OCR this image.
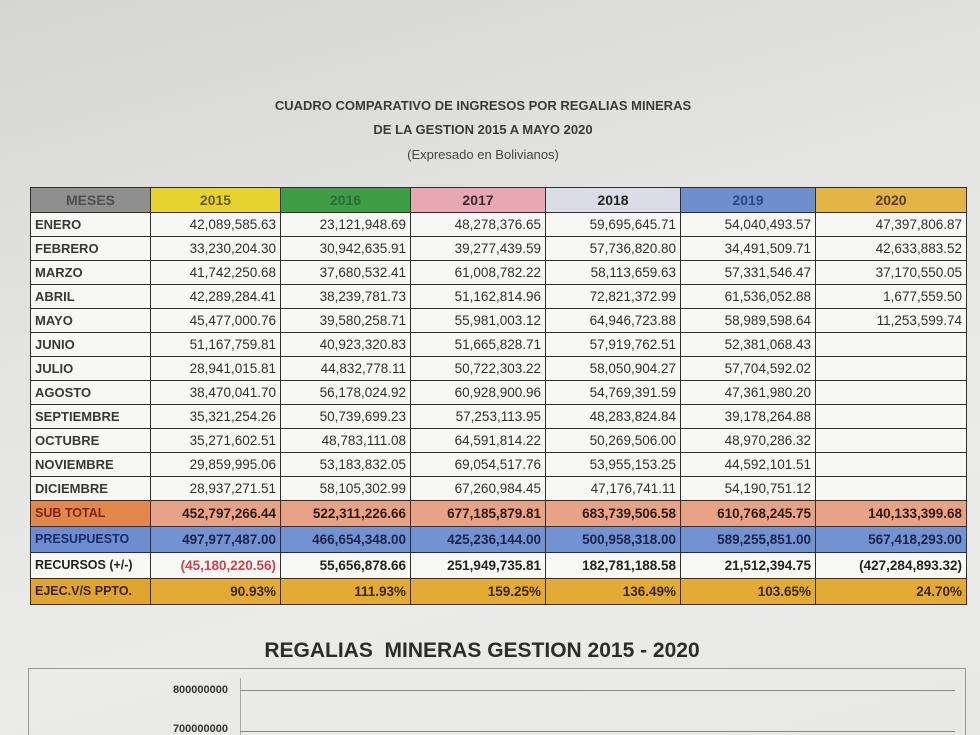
CUADRO COMPARATIVO DE INGRESOS POR REGALIAS MINERAS
DE LA GESTION 2015 A MAYO 2020
(Expresado en Bolivianos)
MESES	2015	2016	2017	2018	2019	2020
ENERO	42,089,585.63	23,121,948.69	48,278,376.65	59,695,645.71	54,040,493.57	47,397,806.87
FEBRERO	33,230,204.30	30,942,635.91	39,277,439.59	57,736,820.80	34,491,509.71	42,633,883.52
MARZO	41,742,250.68	37,680,532.41	61,008,782.22	58,113,659.63	57,331,546.47	37,170,550.05
ABRIL	42,289,284.41	38,239,781.73	51,162,814.96	72,821,372.99	61,536,052.88	1,677,559.50
MAYO	45,477,000.76	39,580,258.71	55,981,003.12	64,946,723.88	58,989,598.64	11,253,599.74
JUNIO	51,167,759.81	40,923,320.83	51,665,828.71	57,919,762.51	52,381,068.43	
JULIO	28,941,015.81	44,832,778.11	50,722,303.22	58,050,904.27	57,704,592.02	
AGOSTO	38,470,041.70	56,178,024.92	60,928,900.96	54,769,391.59	47,361,980.20	
SEPTIEMBRE	35,321,254.26	50,739,699.23	57,253,113.95	48,283,824.84	39,178,264.88	
OCTUBRE	35,271,602.51	48,783,111.08	64,591,814.22	50,269,506.00	48,970,286.32	
NOVIEMBRE	29,859,995.06	53,183,832.05	69,054,517.76	53,955,153.25	44,592,101.51	
DICIEMBRE	28,937,271.51	58,105,302.99	67,260,984.45	47,176,741.11	54,190,751.12	
SUB TOTAL	452,797,266.44	522,311,226.66	677,185,879.81	683,739,506.58	610,768,245.75	140,133,399.68
PRESUPUESTO	497,977,487.00	466,654,348.00	425,236,144.00	500,958,318.00	589,255,851.00	567,418,293.00
RECURSOS (+/-)	(45,180,220.56)	55,656,878.66	251,949,735.81	182,781,188.58	21,512,394.75	(427,284,893.32)
EJEC.V/S PPTO.	90.93%	111.93%	159.25%	136.49%	103.65%	24.70%
REGALIAS  MINERAS GESTION 2015 - 2020
800000000
700000000
